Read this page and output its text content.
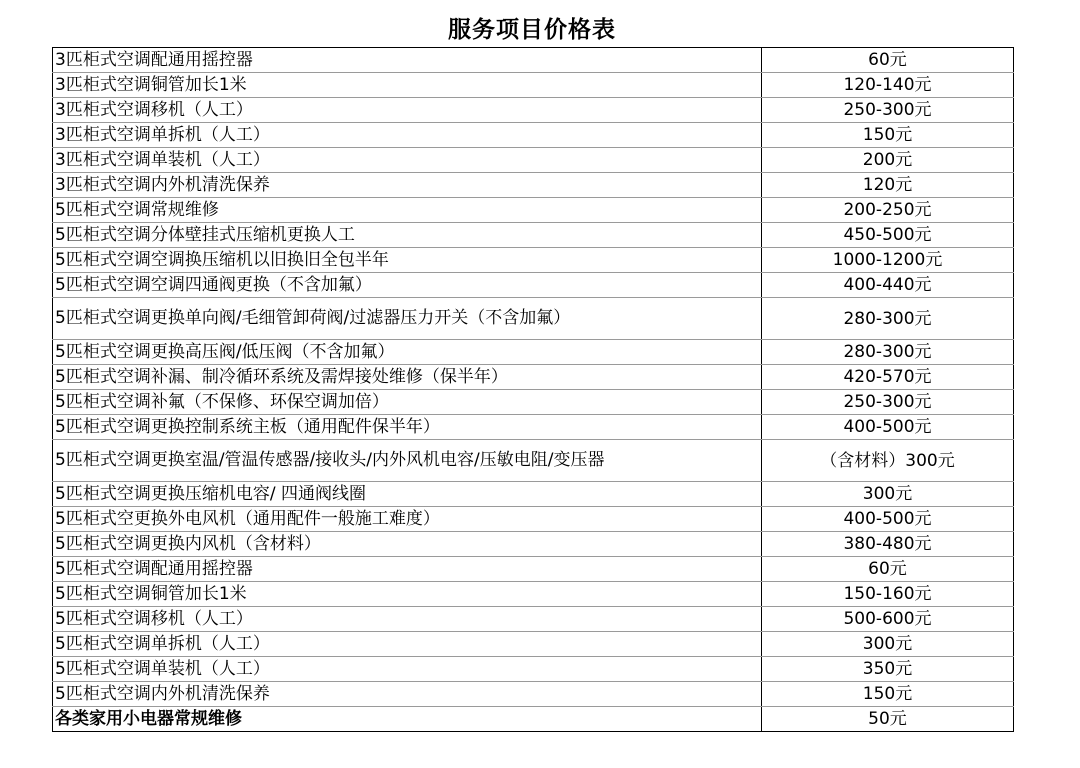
服务项目价格表
3匹柜式空调配通用摇控器	60元
3匹柜式空调铜管加长1米	120-140元
3匹柜式空调移机（人工）	250-300元
3匹柜式空调单拆机（人工）	150元
3匹柜式空调单装机（人工）	200元
3匹柜式空调内外机清洗保养	120元
5匹柜式空调常规维修	200-250元
5匹柜式空调分体壁挂式压缩机更换人工	450-500元
5匹柜式空调空调换压缩机以旧换旧全包半年	1000-1200元
5匹柜式空调空调四通阀更换（不含加氟）	400-440元
5匹柜式空调更换单向阀/毛细管卸荷阀/过滤器压力开关（不含加氟）	280-300元
5匹柜式空调更换高压阀/低压阀（不含加氟）	280-300元
5匹柜式空调补漏、制冷循环系统及需焊接处维修（保半年）	420-570元
5匹柜式空调补氟（不保修、环保空调加倍）	250-300元
5匹柜式空调更换控制系统主板（通用配件保半年）	400-500元
5匹柜式空调更换室温/管温传感器/接收头/内外风机电容/压敏电阻/变压器	（含材料）300元
5匹柜式空调更换压缩机电容/ 四通阀线圈	300元
5匹柜式空更换外电风机（通用配件一般施工难度）	400-500元
5匹柜式空调更换内风机（含材料）	380-480元
5匹柜式空调配通用摇控器	60元
5匹柜式空调铜管加长1米	150-160元
5匹柜式空调移机（人工）	500-600元
5匹柜式空调单拆机（人工）	300元
5匹柜式空调单装机（人工）	350元
5匹柜式空调内外机清洗保养	150元
各类家用小电器常规维修	50元
